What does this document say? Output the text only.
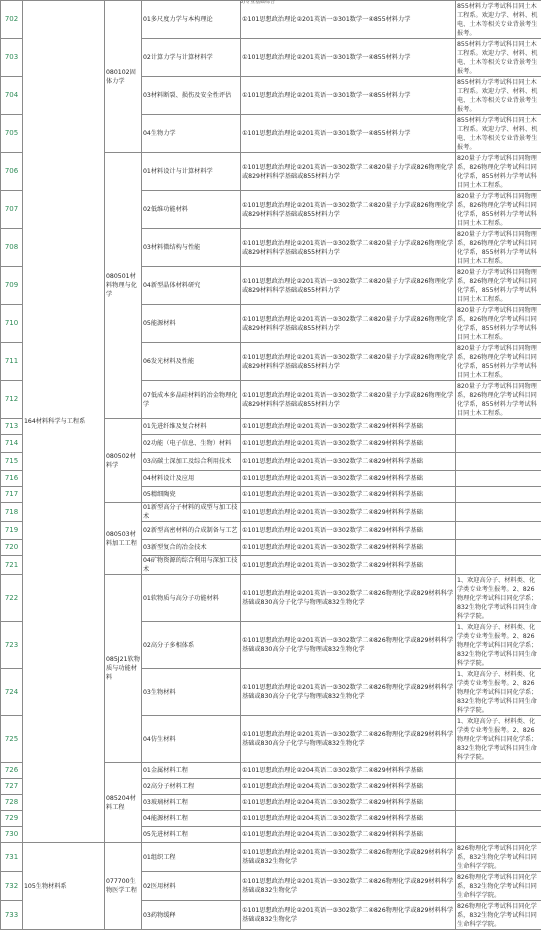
3)专业基础综合
702	164材料科学与工程系	080102固体力学	01多尺度力学与本构理论	①101思想政治理论②201英语一③301数学一④855材料力学	855材料力学考试科目同土木工程系。欢迎力学、材料、机电、土木等相关专业背景考生报考。
703			02计算力学与计算材料学	①101思想政治理论②201英语一③301数学一④855材料力学	855材料力学考试科目同土木工程系。欢迎力学、材料、机电、土木等相关专业背景考生报考。
704			03材料断裂、损伤及安全性评估	①101思想政治理论②201英语一③301数学一④855材料力学	855材料力学考试科目同土木工程系。欢迎力学、材料、机电、土木等相关专业背景考生报考。
705			04生物力学	①101思想政治理论②201英语一③301数学一④855材料力学	855材料力学考试科目同土木工程系。欢迎力学、材料、机电、土木等相关专业背景考生报考。
706		080501材料物理与化学	01材料设计与计算材料学	①101思想政治理论②201英语一③302数学二④820量子力学或826物理化学或829材料科学基础或855材料力学	820量子力学考试科目同物理系，826物理化学考试科目同化学系，855材料力学考试科目同土木工程系。
707			02低维功能材料	①101思想政治理论②201英语一③302数学二④820量子力学或826物理化学或829材料科学基础或855材料力学	820量子力学考试科目同物理系，826物理化学考试科目同化学系，855材料力学考试科目同土木工程系。
708			03材料微结构与性能	①101思想政治理论②201英语一③302数学二④820量子力学或826物理化学或829材料科学基础或855材料力学	820量子力学考试科目同物理系，826物理化学考试科目同化学系，855材料力学考试科目同土木工程系。
709			04新型晶体材料研究	①101思想政治理论②201英语一③302数学二④820量子力学或826物理化学或829材料科学基础或855材料力学	820量子力学考试科目同物理系，826物理化学考试科目同化学系，855材料力学考试科目同土木工程系。
710			05能源材料	①101思想政治理论②201英语一③302数学二④820量子力学或826物理化学或829材料科学基础或855材料力学	820量子力学考试科目同物理系，826物理化学考试科目同化学系，855材料力学考试科目同土木工程系。
711			06发光材料及性能	①101思想政治理论②201英语一③302数学二④820量子力学或826物理化学或829材料科学基础或855材料力学	820量子力学考试科目同物理系，826物理化学考试科目同化学系，855材料力学考试科目同土木工程系。
712			07低成本多晶硅材料的冶金物理化学	①101思想政治理论②201英语一③302数学二④820量子力学或826物理化学或829材料科学基础或855材料力学	820量子力学考试科目同物理系，826物理化学考试科目同化学系，855材料力学考试科目同土木工程系。
713		080502材料学	01先进纤维及复合材料	①101思想政治理论②201英语一③302数学二④829材料科学基础	
714			02功能（电子信息、生物）材料	①101思想政治理论②201英语一③302数学二④829材料科学基础	
715			03高碳土深加工及综合利用技术	①101思想政治理论②201英语一③302数学二④829材料科学基础	
716			04材料设计及应用	①101思想政治理论②201英语一③302数学二④829材料科学基础	
717			05精细陶瓷	①101思想政治理论②201英语一③302数学二④829材料科学基础	
718		080503材料加工工程	01新型高分子材料的成型与加工技术	①101思想政治理论②201英语一③302数学二④829材料科学基础	
719			02新型高密材料的合成制备与工艺	①101思想政治理论②201英语一③302数学二④829材料科学基础	
720			03新型复合的冶金技术	①101思想政治理论②201英语一③302数学二④829材料科学基础	
721			04矿物资源的综合利用与深加工技术	①101思想政治理论②201英语一③302数学二④829材料科学基础	
722		085J21软物质与功能材料	01软物质与高分子功能材料	①101思想政治理论②201英语一③302数学二④826物理化学或829材料科学基础或830高分子化学与物理或832生物化学	1、欢迎高分子、材料类、化学类专业考生报考。2、826物理化学考试科目同化学系；832生物化学考试科目同生命科学学院。
723			02高分子多相体系	①101思想政治理论②201英语一③302数学二④826物理化学或829材料科学基础或830高分子化学与物理或832生物化学	1、欢迎高分子、材料类、化学类专业考生报考。2、826物理化学考试科目同化学系；832生物化学考试科目同生命科学学院。
724			03生物材料	①101思想政治理论②201英语一③302数学二④826物理化学或829材料科学基础或830高分子化学与物理或832生物化学	1、欢迎高分子、材料类、化学类专业考生报考。2、826物理化学考试科目同化学系；832生物化学考试科目同生命科学学院。
725			04仿生材料	①101思想政治理论②201英语一③302数学二④826物理化学或829材料科学基础或830高分子化学与物理或832生物化学	1、欢迎高分子、材料类、化学类专业考生报考。2、826物理化学考试科目同化学系；832生物化学考试科目同生命科学学院。
726		085204材料工程	01金属材料工程	①101思想政治理论②204英语二③302数学二④829材料科学基础	
727			02高分子材料工程	①101思想政治理论②204英语二③302数学二④829材料科学基础	
728			03玻璃材料工程	①101思想政治理论②204英语二③302数学二④829材料科学基础	
729			04能源材料工程	①101思想政治理论②204英语二③302数学二④829材料科学基础	
730			05先进材料工程	①101思想政治理论②204英语二③302数学二④829材料科学基础	
731	105生物材料系	077700生物医学工程	01组织工程	①101思想政治理论②201英语一③302数学二④826物理化学或829材料科学基础或832生物化学	826物理化学考试科目同化学系，832生物化学考试科目同生命科学学院。
732			02医用材料	①101思想政治理论②201英语一③302数学二④826物理化学或829材料科学基础或832生物化学	826物理化学考试科目同化学系，832生物化学考试科目同生命科学学院。
733			03药物缓释	①101思想政治理论②201英语一③302数学二④826物理化学或829材料科学基础或832生物化学	826物理化学考试科目同化学系，832生物化学考试科目同生命科学学院。
